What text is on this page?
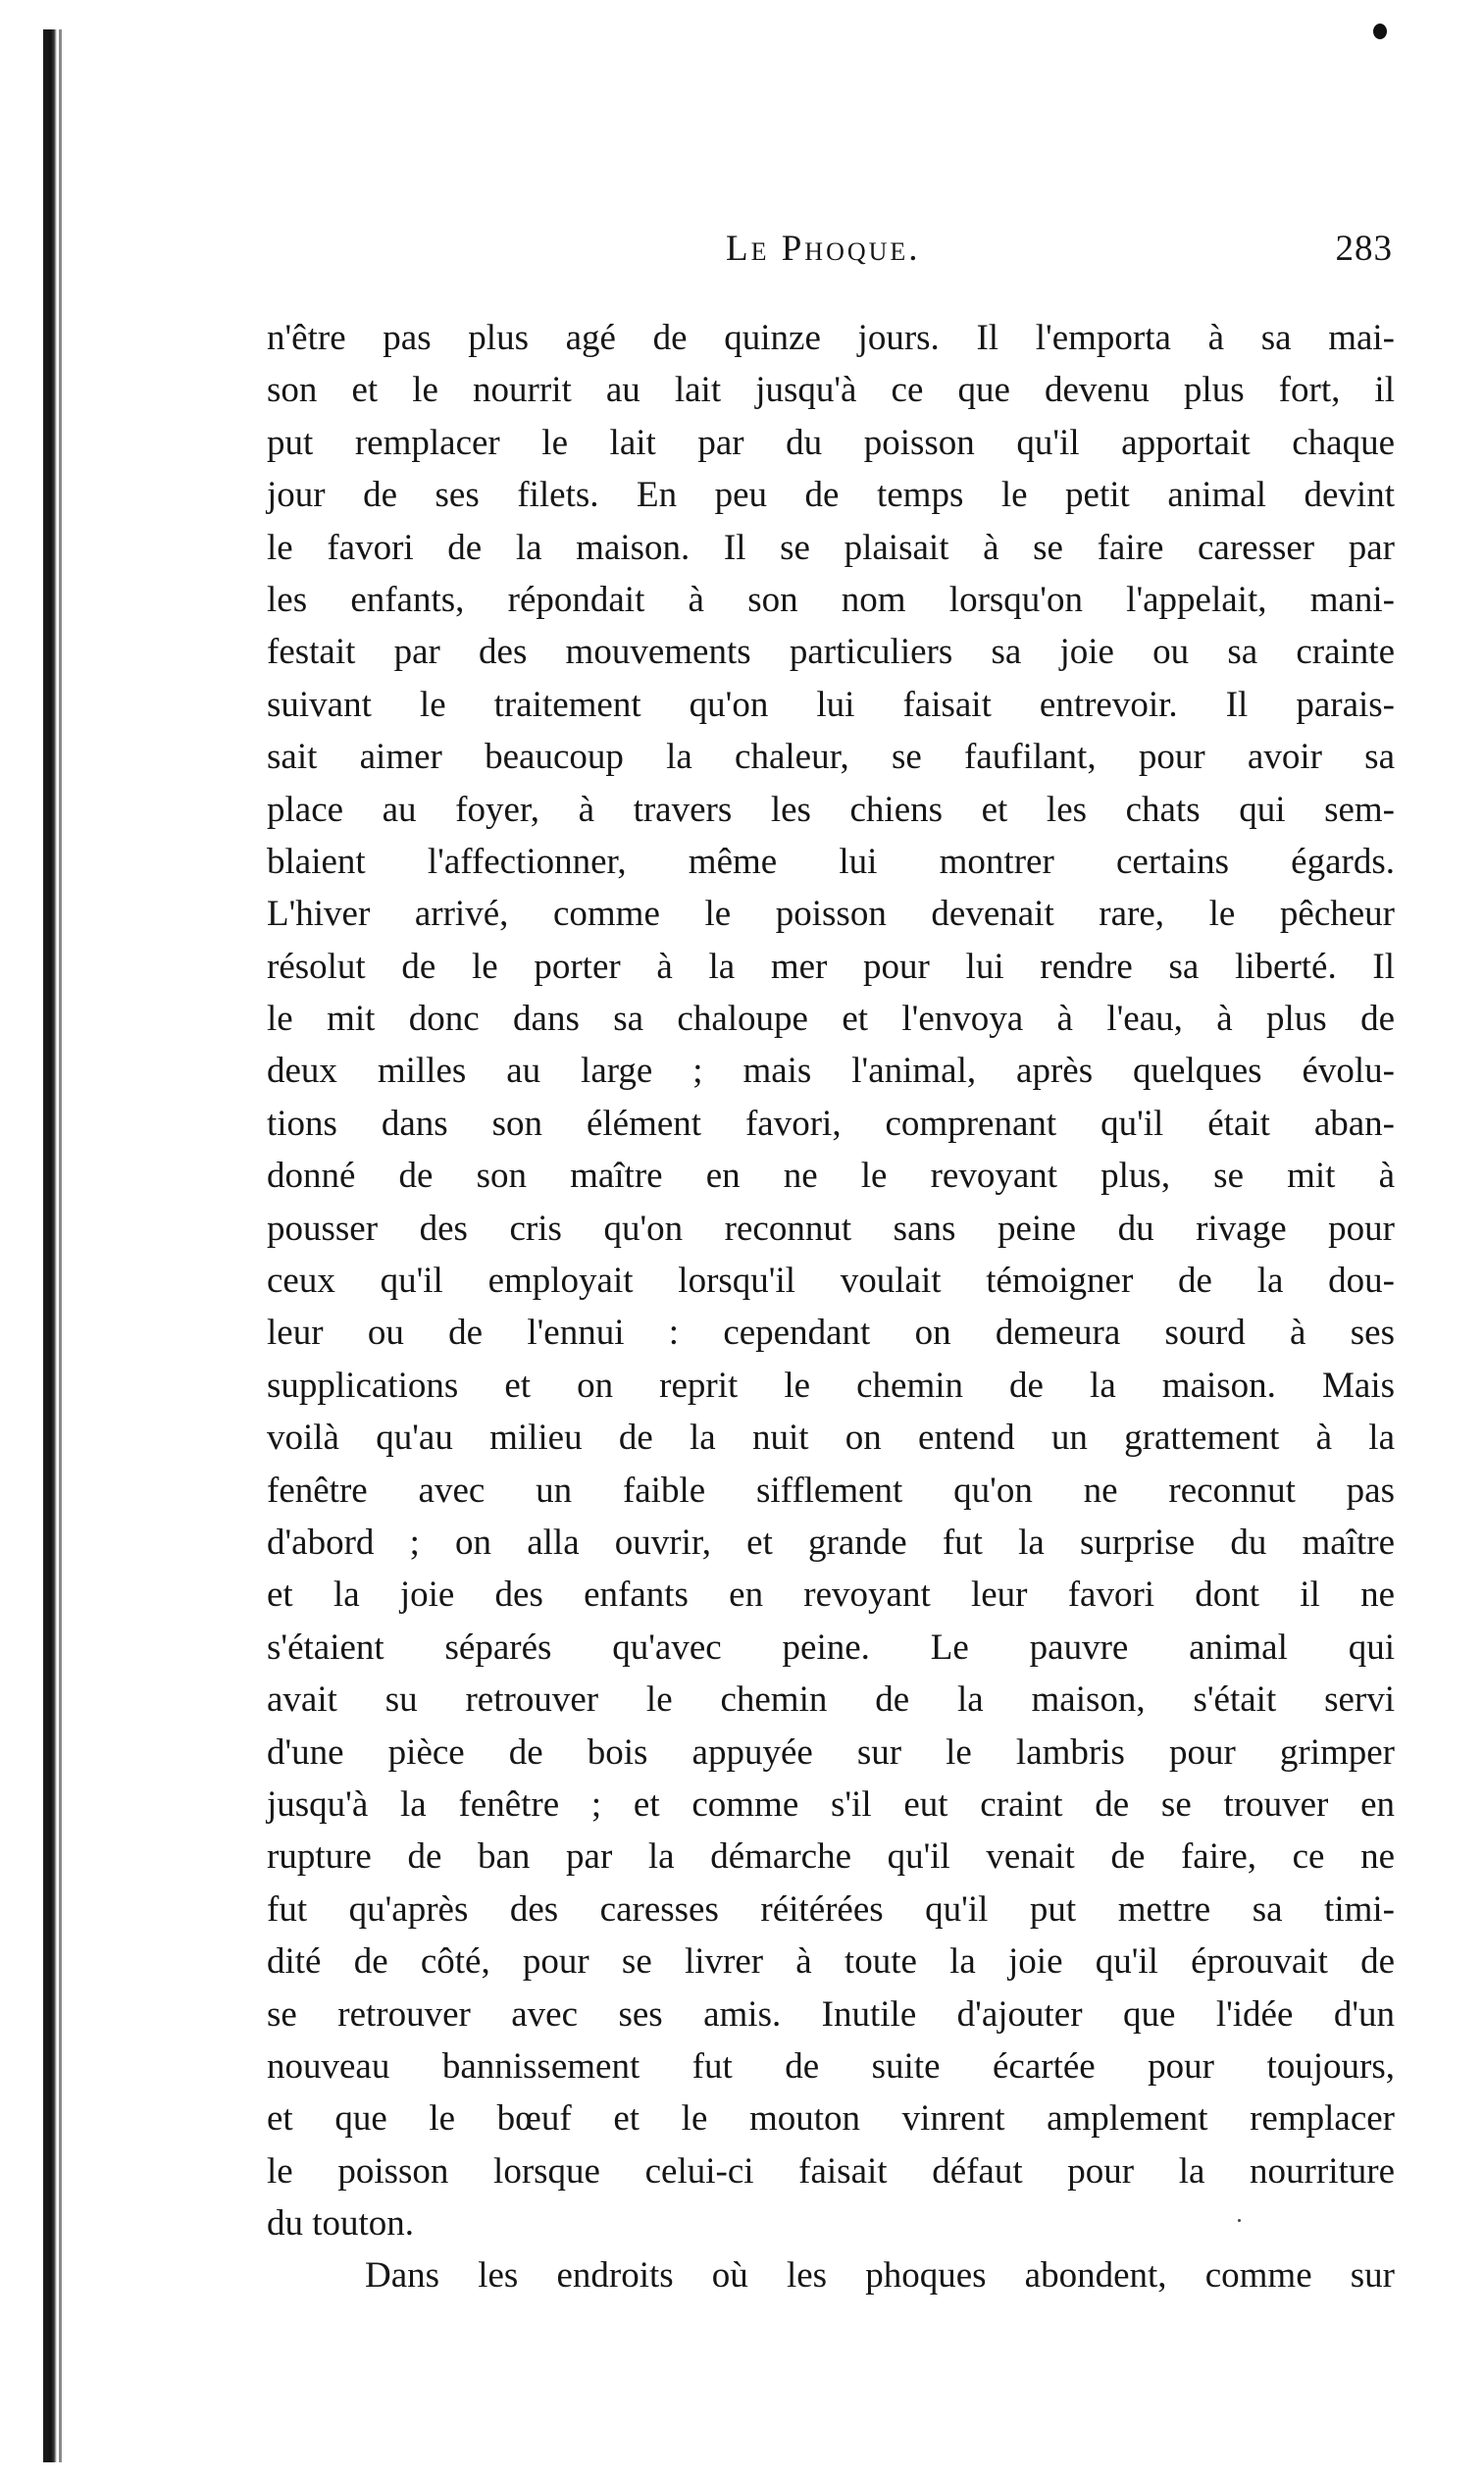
Le Phoque.	283
n'être pas plus agé de quinze jours. Il l'emporta à sa mai-
son et le nourrit au lait jusqu'à ce que devenu plus fort, il
put remplacer le lait par du poisson qu'il apportait chaque
jour de ses filets. En peu de temps le petit animal devint
le favori de la maison. Il se plaisait à se faire caresser par
les enfants, répondait à son nom lorsqu'on l'appelait, mani-
festait par des mouvements particuliers sa joie ou sa crainte
suivant le traitement qu'on lui faisait entrevoir. Il parais-
sait aimer beaucoup la chaleur, se faufilant, pour avoir sa
place au foyer, à travers les chiens et les chats qui sem-
blaient l'affectionner, même lui montrer certains égards.
L'hiver arrivé, comme le poisson devenait rare, le pêcheur
résolut de le porter à la mer pour lui rendre sa liberté. Il
le mit donc dans sa chaloupe et l'envoya à l'eau, à plus de
deux milles au large ; mais l'animal, après quelques évolu-
tions dans son élément favori, comprenant qu'il était aban-
donné de son maître en ne le revoyant plus, se mit à
pousser des cris qu'on reconnut sans peine du rivage pour
ceux qu'il employait lorsqu'il voulait témoigner de la dou-
leur ou de l'ennui : cependant on demeura sourd à ses
supplications et on reprit le chemin de la maison. Mais
voilà qu'au milieu de la nuit on entend un grattement à la
fenêtre avec un faible sifflement qu'on ne reconnut pas
d'abord ; on alla ouvrir, et grande fut la surprise du maître
et la joie des enfants en revoyant leur favori dont il ne
s'étaient séparés qu'avec peine. Le pauvre animal qui
avait su retrouver le chemin de la maison, s'était servi
d'une pièce de bois appuyée sur le lambris pour grimper
jusqu'à la fenêtre ; et comme s'il eut craint de se trouver en
rupture de ban par la démarche qu'il venait de faire, ce ne
fut qu'après des caresses réitérées qu'il put mettre sa timi-
dité de côté, pour se livrer à toute la joie qu'il éprouvait de
se retrouver avec ses amis. Inutile d'ajouter que l'idée d'un
nouveau bannissement fut de suite écartée pour toujours,
et que le bœuf et le mouton vinrent amplement remplacer
le poisson lorsque celui-ci faisait défaut pour la nourriture
du touton.
Dans les endroits où les phoques abondent, comme sur
